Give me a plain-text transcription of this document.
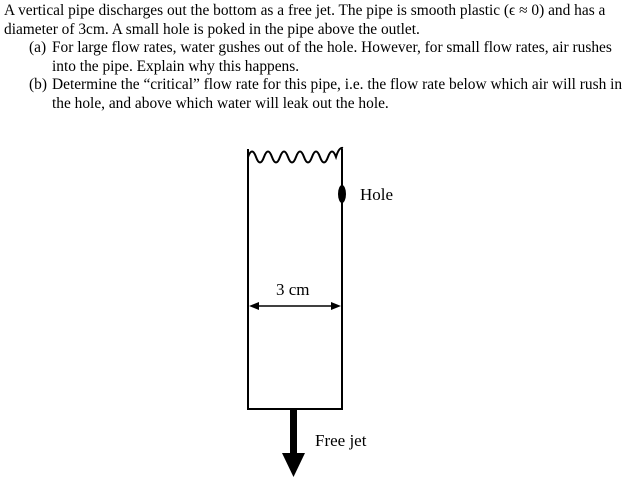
A vertical pipe discharges out the bottom as a free jet. The pipe is smooth plastic (ϵ ≈ 0) and has a diameter of 3cm. A small hole is poked in the pipe above the outlet.

(a) For large flow rates, water gushes out of the hole. However, for small flow rates, air rushes into the pipe. Explain why this happens.
(b) Determine the “critical” flow rate for this pipe, i.e. the flow rate below which air will rush in the hole, and above which water will leak out the hole.
Hole
3 cm
Free jet
